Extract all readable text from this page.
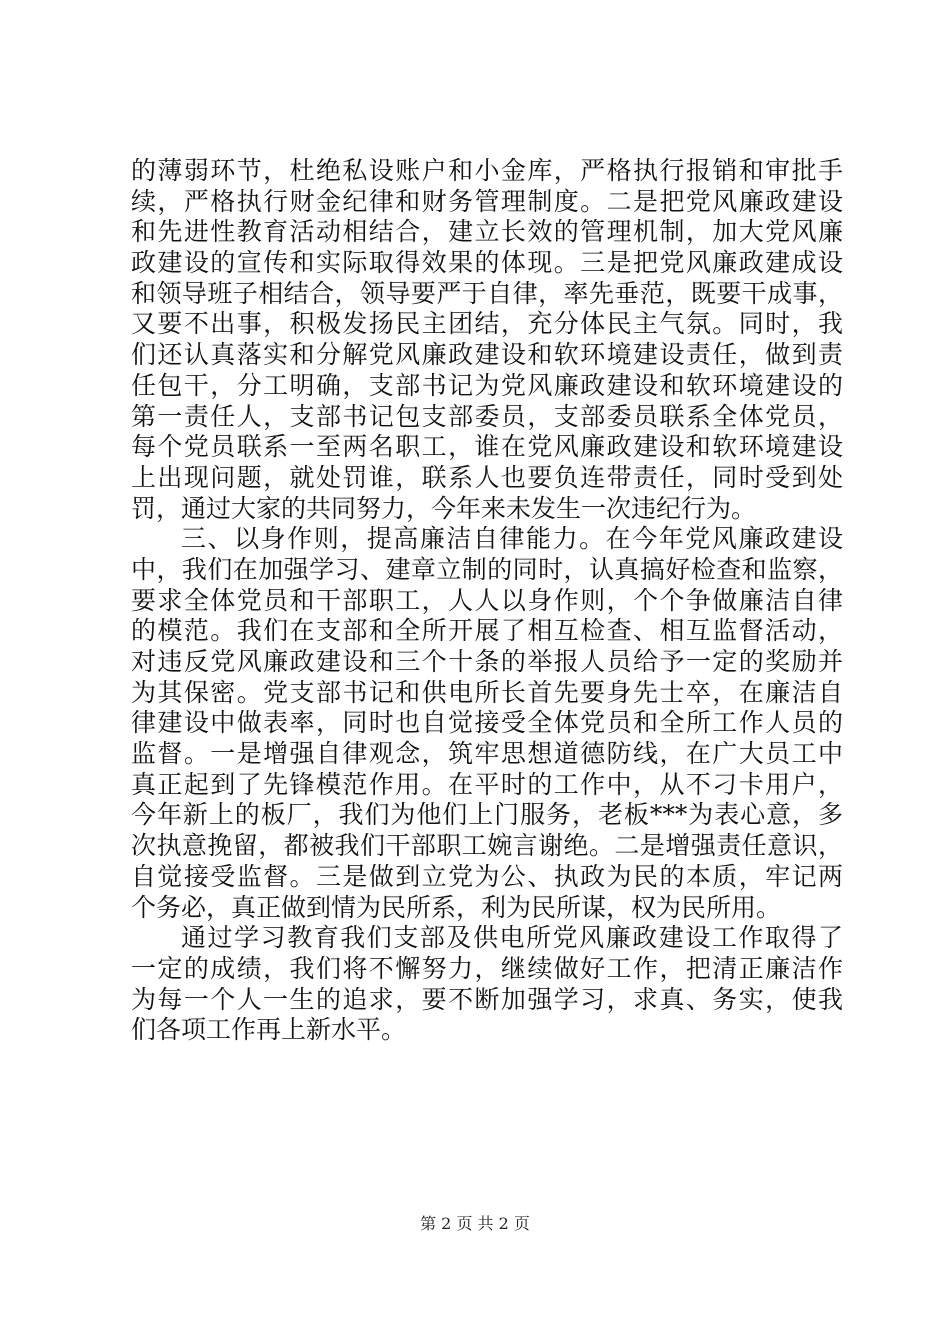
的薄弱环节，杜绝私设账户和小金库，严格执行报销和审批手
续，严格执行财金纪律和财务管理制度。二是把党风廉政建设
和先进性教育活动相结合，建立长效的管理机制，加大党风廉
政建设的宣传和实际取得效果的体现。三是把党风廉政建成设
和领导班子相结合，领导要严于自律，率先垂范，既要干成事，
又要不出事，积极发扬民主团结，充分体民主气氛。同时，我
们还认真落实和分解党风廉政建设和软环境建设责任，做到责
任包干，分工明确，支部书记为党风廉政建设和软环境建设的
第一责任人，支部书记包支部委员，支部委员联系全体党员，
每个党员联系一至两名职工，谁在党风廉政建设和软环境建设
上出现问题，就处罚谁，联系人也要负连带责任，同时受到处
罚，通过大家的共同努力，今年来未发生一次违纪行为。
三、以身作则，提高廉洁自律能力。在今年党风廉政建设
中，我们在加强学习、建章立制的同时，认真搞好检查和监察，
要求全体党员和干部职工，人人以身作则，个个争做廉洁自律
的模范。我们在支部和全所开展了相互检查、相互监督活动，
对违反党风廉政建设和三个十条的举报人员给予一定的奖励并
为其保密。党支部书记和供电所长首先要身先士卒，在廉洁自
律建设中做表率，同时也自觉接受全体党员和全所工作人员的
监督。一是增强自律观念，筑牢思想道德防线，在广大员工中
真正起到了先锋模范作用。在平时的工作中，从不刁卡用户，
今年新上的板厂，我们为他们上门服务，老板***为表心意，多
次执意挽留，都被我们干部职工婉言谢绝。二是增强责任意识，
自觉接受监督。三是做到立党为公、执政为民的本质，牢记两
个务必，真正做到情为民所系，利为民所谋，权为民所用。
通过学习教育我们支部及供电所党风廉政建设工作取得了
一定的成绩，我们将不懈努力，继续做好工作，把清正廉洁作
为每一个人一生的追求，要不断加强学习，求真、务实，使我
们各项工作再上新水平。
第 2 页 共 2 页
